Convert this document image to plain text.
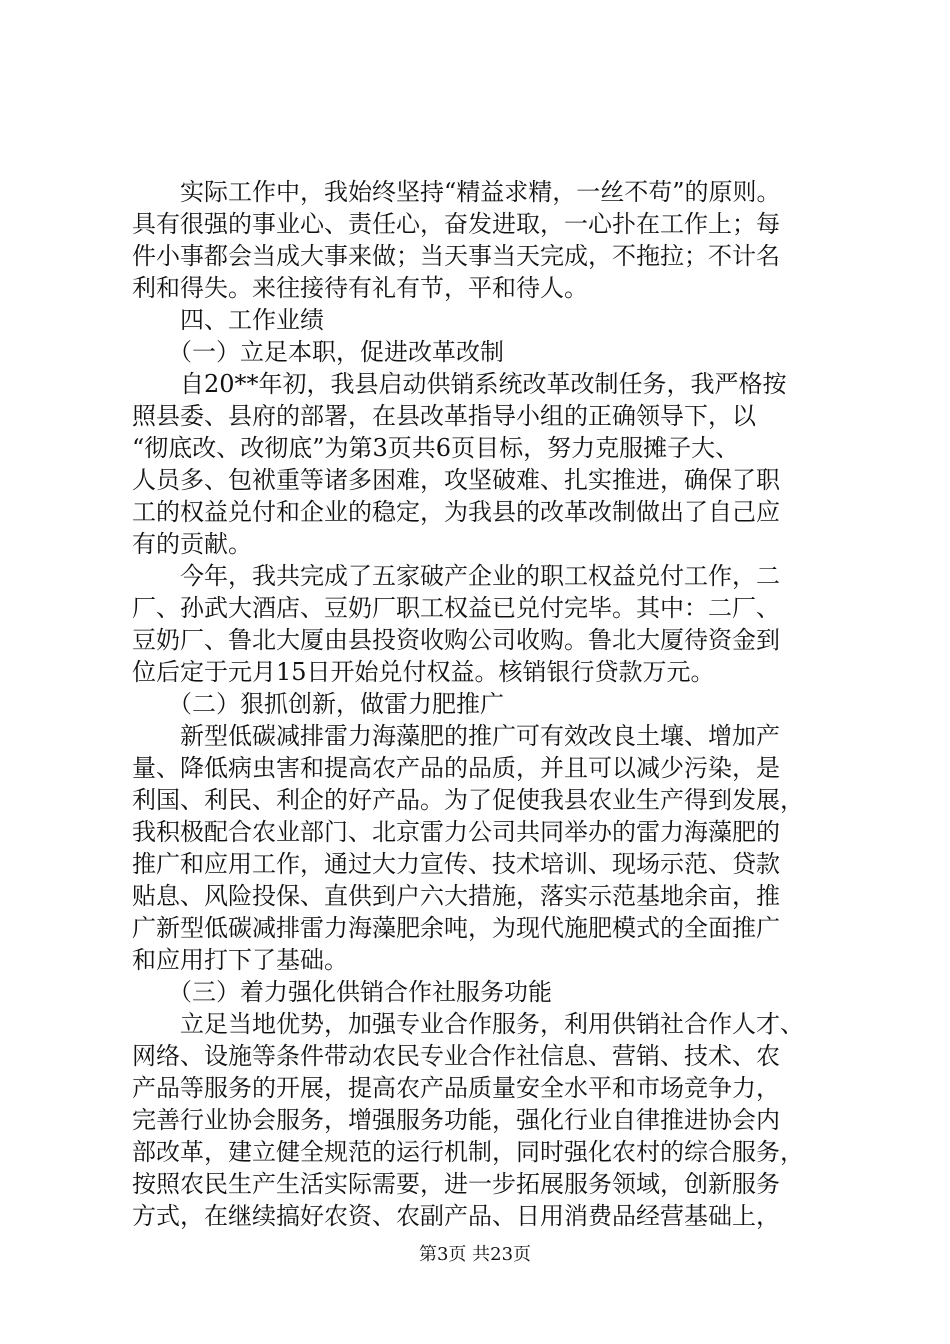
　　实际工作中，我始终坚持“精益求精，一丝不苟”的原则。
具有很强的事业心、责任心，奋发进取，一心扑在工作上；每
件小事都会当成大事来做；当天事当天完成，不拖拉；不计名
利和得失。来往接待有礼有节，平和待人。
　　四、工作业绩
　　（一）立足本职，促进改革改制
　　自20**年初，我县启动供销系统改革改制任务，我严格按
照县委、县府的部署，在县改革指导小组的正确领导下，以
“彻底改、改彻底”为第3页共6页目标，努力克服摊子大、
人员多、包袱重等诸多困难，攻坚破难、扎实推进，确保了职
工的权益兑付和企业的稳定，为我县的改革改制做出了自己应
有的贡献。
　　今年，我共完成了五家破产企业的职工权益兑付工作，二
厂、孙武大酒店、豆奶厂职工权益已兑付完毕。其中：二厂、
豆奶厂、鲁北大厦由县投资收购公司收购。鲁北大厦待资金到
位后定于元月15日开始兑付权益。核销银行贷款万元。
　　（二）狠抓创新，做雷力肥推广
　　新型低碳减排雷力海藻肥的推广可有效改良土壤、增加产
量、降低病虫害和提高农产品的品质，并且可以减少污染，是
利国、利民、利企的好产品。为了促使我县农业生产得到发展，
我积极配合农业部门、北京雷力公司共同举办的雷力海藻肥的
推广和应用工作，通过大力宣传、技术培训、现场示范、贷款
贴息、风险投保、直供到户六大措施，落实示范基地余亩，推
广新型低碳减排雷力海藻肥余吨，为现代施肥模式的全面推广
和应用打下了基础。
　　（三）着力强化供销合作社服务功能
　　立足当地优势，加强专业合作服务，利用供销社合作人才、
网络、设施等条件带动农民专业合作社信息、营销、技术、农
产品等服务的开展，提高农产品质量安全水平和市场竞争力，
完善行业协会服务，增强服务功能，强化行业自律推进协会内
部改革，建立健全规范的运行机制，同时强化农村的综合服务，
按照农民生产生活实际需要，进一步拓展服务领域，创新服务
方式，在继续搞好农资、农副产品、日用消费品经营基础上，
第3页 共23页
